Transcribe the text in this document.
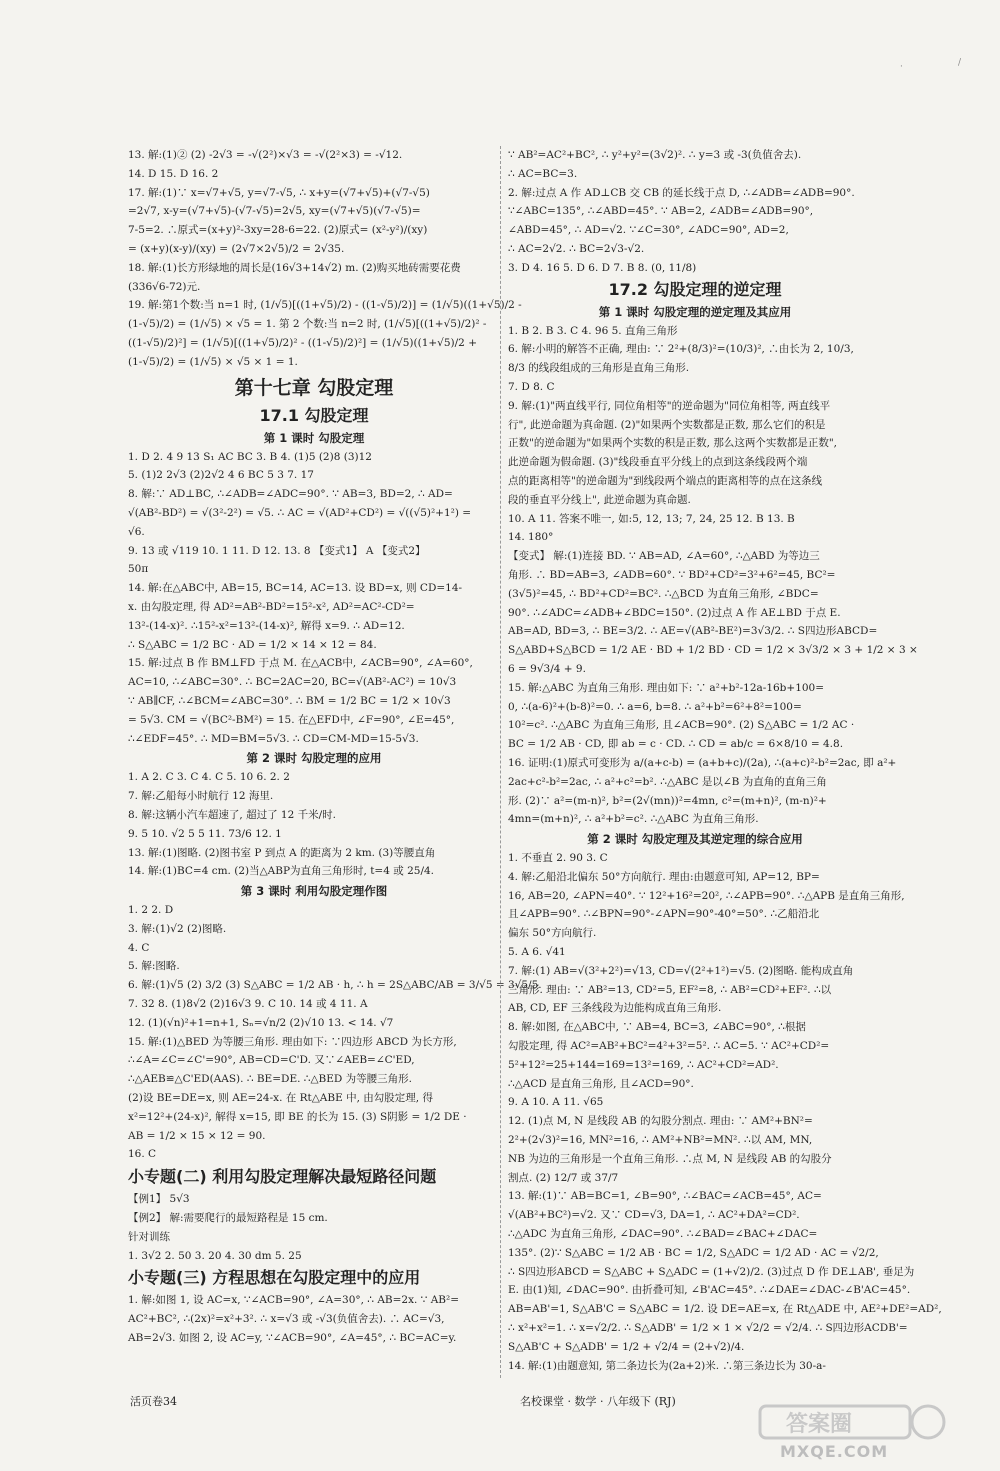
·	/
13. 解:(1)② (2) -2√3 = -√(2²)×√3 = -√(2²×3) = -√12.
14. D 15. D 16. 2
17. 解:(1)∵ x=√7+√5, y=√7-√5, ∴ x+y=(√7+√5)+(√7-√5)
=2√7, x-y=(√7+√5)-(√7-√5)=2√5, xy=(√7+√5)(√7-√5)=
7-5=2. ∴原式=(x+y)²-3xy=28-6=22. (2)原式= (x²-y²)/(xy)
= (x+y)(x-y)/(xy) = (2√7×2√5)/2 = 2√35.
18. 解:(1)长方形绿地的周长是(16√3+14√2) m. (2)购买地砖需要花费
(336√6-72)元.
19. 解:第1个数:当 n=1 时, (1/√5)[((1+√5)/2) - ((1-√5)/2)] = (1/√5)((1+√5)/2 -
(1-√5)/2) = (1/√5) × √5 = 1. 第 2 个数:当 n=2 时, (1/√5)[((1+√5)/2)² -
((1-√5)/2)²] = (1/√5)[((1+√5)/2)² - ((1-√5)/2)²] = (1/√5)((1+√5)/2 +
(1-√5)/2) = (1/√5) × √5 × 1 = 1.
第十七章 勾股定理
17.1 勾股定理
第 1 课时 勾股定理
1. D 2. 4 9 13 S₁ AC BC 3. B 4. (1)5 (2)8 (3)12
5. (1)2 2√3 (2)2√2 4 6 BC 5 3 7. 17
8. 解:∵ AD⊥BC, ∴∠ADB=∠ADC=90°. ∵ AB=3, BD=2, ∴ AD=
√(AB²-BD²) = √(3²-2²) = √5. ∴ AC = √(AD²+CD²) = √((√5)²+1²) =
√6.
9. 13 或 √119 10. 1 11. D 12. 13. 8 【变式1】 A 【变式2】
50π
14. 解:在△ABC中, AB=15, BC=14, AC=13. 设 BD=x, 则 CD=14-
x. 由勾股定理, 得 AD²=AB²-BD²=15²-x², AD²=AC²-CD²=
13²-(14-x)². ∴15²-x²=13²-(14-x)², 解得 x=9. ∴ AD=12.
∴ S△ABC = 1/2 BC · AD = 1/2 × 14 × 12 = 84.
15. 解:过点 B 作 BM⊥FD 于点 M. 在△ACB中, ∠ACB=90°, ∠A=60°,
AC=10, ∴∠ABC=30°. ∴ BC=2AC=20, BC=√(AB²-AC²) = 10√3
∵ AB∥CF, ∴∠BCM=∠ABC=30°. ∴ BM = 1/2 BC = 1/2 × 10√3
= 5√3. CM = √(BC²-BM²) = 15. 在△EFD中, ∠F=90°, ∠E=45°,
∴∠EDF=45°. ∴ MD=BM=5√3. ∴ CD=CM-MD=15-5√3.
第 2 课时 勾股定理的应用
1. A 2. C 3. C 4. C 5. 10 6. 2. 2
7. 解:乙船每小时航行 12 海里.
8. 解:这辆小汽车超速了, 超过了 12 千米/时.
9. 5 10. √2 5 5 11. 73/6 12. 1
13. 解:(1)图略. (2)图书室 P 到点 A 的距离为 2 km. (3)等腰直角
14. 解:(1)BC=4 cm. (2)当△ABP为直角三角形时, t=4 或 25/4.
第 3 课时 利用勾股定理作图
1. 2 2. D
3. 解:(1)√2 (2)图略.
4. C
5. 解:图略.
6. 解:(1)√5 (2) 3/2 (3) S△ABC = 1/2 AB · h, ∴ h = 2S△ABC/AB = 3/√5 = 3√5/5.
7. 32 8. (1)8√2 (2)16√3 9. C 10. 14 或 4 11. A
12. (1)(√n)²+1=n+1, Sₙ=√n/2 (2)√10 13. < 14. √7
15. 解:(1)△BED 为等腰三角形. 理由如下: ∵四边形 ABCD 为长方形,
∴∠A=∠C=∠C'=90°, AB=CD=C'D. 又∵∠AEB=∠C'ED,
∴△AEB≌△C'ED(AAS). ∴ BE=DE. ∴△BED 为等腰三角形.
(2)设 BE=DE=x, 则 AE=24-x. 在 Rt△ABE 中, 由勾股定理, 得
x²=12²+(24-x)², 解得 x=15, 即 BE 的长为 15. (3) S阴影 = 1/2 DE ·
AB = 1/2 × 15 × 12 = 90.
16. C
小专题(二) 利用勾股定理解决最短路径问题
【例1】 5√3
【例2】 解:需要爬行的最短路程是 15 cm.
针对训练
1. 3√2 2. 50 3. 20 4. 30 dm 5. 25
小专题(三) 方程思想在勾股定理中的应用
1. 解:如图 1, 设 AC=x, ∵∠ACB=90°, ∠A=30°, ∴ AB=2x. ∵ AB²=
AC²+BC², ∴(2x)²=x²+3². ∴ x=√3 或 -√3(负值舍去). ∴ AC=√3,
AB=2√3. 如图 2, 设 AC=y, ∵∠ACB=90°, ∠A=45°, ∴ BC=AC=y.
∵ AB²=AC²+BC², ∴ y²+y²=(3√2)². ∴ y=3 或 -3(负值舍去).
∴ AC=BC=3.
2. 解:过点 A 作 AD⊥CB 交 CB 的延长线于点 D, ∴∠ADB=∠ADB=90°.
∵∠ABC=135°, ∴∠ABD=45°. ∵ AB=2, ∠ADB=∠ADB=90°,
∠ABD=45°, ∴ AD=√2. ∵∠C=30°, ∠ADC=90°, AD=2,
∴ AC=2√2. ∴ BC=2√3-√2.
3. D 4. 16 5. D 6. D 7. B 8. (0, 11/8)
17.2 勾股定理的逆定理
第 1 课时 勾股定理的逆定理及其应用
1. B 2. B 3. C 4. 96 5. 直角三角形
6. 解:小明的解答不正确, 理由: ∵ 2²+(8/3)²=(10/3)², ∴由长为 2, 10/3,
8/3 的线段组成的三角形是直角三角形.
7. D 8. C
9. 解:(1)"两直线平行, 同位角相等"的逆命题为"同位角相等, 两直线平
行", 此逆命题为真命题. (2)"如果两个实数都是正数, 那么它们的积是
正数"的逆命题为"如果两个实数的积是正数, 那么这两个实数都是正数",
此逆命题为假命题. (3)"线段垂直平分线上的点到这条线段两个端
点的距离相等"的逆命题为"到线段两个端点的距离相等的点在这条线
段的垂直平分线上", 此逆命题为真命题.
10. A 11. 答案不唯一, 如:5, 12, 13; 7, 24, 25 12. B 13. B
14. 180°
【变式】 解:(1)连接 BD. ∵ AB=AD, ∠A=60°, ∴△ABD 为等边三
角形. ∴ BD=AB=3, ∠ADB=60°. ∵ BD²+CD²=3²+6²=45, BC²=
(3√5)²=45, ∴ BD²+CD²=BC². ∴△BCD 为直角三角形, ∠BDC=
90°. ∴∠ADC=∠ADB+∠BDC=150°. (2)过点 A 作 AE⊥BD 于点 E.
AB=AD, BD=3, ∴ BE=3/2. ∴ AE=√(AB²-BE²)=3√3/2. ∴ S四边形ABCD=
S△ABD+S△BCD = 1/2 AE · BD + 1/2 BD · CD = 1/2 × 3√3/2 × 3 + 1/2 × 3 ×
6 = 9√3/4 + 9.
15. 解:△ABC 为直角三角形. 理由如下: ∵ a²+b²-12a-16b+100=
0, ∴(a-6)²+(b-8)²=0. ∴ a=6, b=8. ∴ a²+b²=6²+8²=100=
10²=c². ∴△ABC 为直角三角形, 且∠ACB=90°. (2) S△ABC = 1/2 AC ·
BC = 1/2 AB · CD, 即 ab = c · CD. ∴ CD = ab/c = 6×8/10 = 4.8.
16. 证明:(1)原式可变形为 a/(a+c-b) = (a+b+c)/(2a), ∴(a+c)²-b²=2ac, 即 a²+
2ac+c²-b²=2ac, ∴ a²+c²=b². ∴△ABC 是以∠B 为直角的直角三角
形. (2)∵ a²=(m-n)², b²=(2√(mn))²=4mn, c²=(m+n)², (m-n)²+
4mn=(m+n)², ∴ a²+b²=c². ∴△ABC 为直角三角形.
第 2 课时 勾股定理及其逆定理的综合应用
1. 不垂直 2. 90 3. C
4. 解:乙船沿北偏东 50°方向航行. 理由:由题意可知, AP=12, BP=
16, AB=20, ∠APN=40°. ∵ 12²+16²=20², ∴∠APB=90°. ∴△APB 是直角三角形,
且∠APB=90°. ∴∠BPN=90°-∠APN=90°-40°=50°. ∴乙船沿北
偏东 50°方向航行.
5. A 6. √41
7. 解:(1) AB=√(3²+2²)=√13, CD=√(2²+1²)=√5. (2)图略. 能构成直角
三角形. 理由: ∵ AB²=13, CD²=5, EF²=8, ∴ AB²=CD²+EF². ∴以
AB, CD, EF 三条线段为边能构成直角三角形.
8. 解:如图, 在△ABC中, ∵ AB=4, BC=3, ∠ABC=90°, ∴根据
勾股定理, 得 AC²=AB²+BC²=4²+3²=5². ∴ AC=5. ∵ AC²+CD²=
5²+12²=25+144=169=13²=169, ∴ AC²+CD²=AD².
∴△ACD 是直角三角形, 且∠ACD=90°.
9. A 10. A 11. √65
12. (1)点 M, N 是线段 AB 的勾股分割点. 理由: ∵ AM²+BN²=
2²+(2√3)²=16, MN²=16, ∴ AM²+NB²=MN². ∴以 AM, MN,
NB 为边的三角形是一个直角三角形. ∴点 M, N 是线段 AB 的勾股分
割点. (2) 12/7 或 37/7
13. 解:(1)∵ AB=BC=1, ∠B=90°, ∴∠BAC=∠ACB=45°, AC=
√(AB²+BC²)=√2. 又∵ CD=√3, DA=1, ∴ AC²+DA²=CD².
∴△ADC 为直角三角形, ∠DAC=90°. ∴∠BAD=∠BAC+∠DAC=
135°. (2)∵ S△ABC = 1/2 AB · BC = 1/2, S△ADC = 1/2 AD · AC = √2/2,
∴ S四边形ABCD = S△ABC + S△ADC = (1+√2)/2. (3)过点 D 作 DE⊥AB', 垂足为
E. 由(1)知, ∠DAC=90°. 由折叠可知, ∠B'AC=45°. ∴∠DAE=∠DAC-∠B'AC=45°.
AB=AB'=1, S△AB'C = S△ABC = 1/2. 设 DE=AE=x, 在 Rt△ADE 中, AE²+DE²=AD²,
∴ x²+x²=1. ∴ x=√2/2. ∴ S△ADB' = 1/2 × 1 × √2/2 = √2/4. ∴ S四边形ACDB'=
S△AB'C + S△ADB' = 1/2 + √2/4 = (2+√2)/4.
14. 解:(1)由题意知, 第二条边长为(2a+2)米. ∴第三条边长为 30-a-
活页卷34	名校课堂 · 数学 · 八年级下 (RJ)
答案圈
MXQE.COM
